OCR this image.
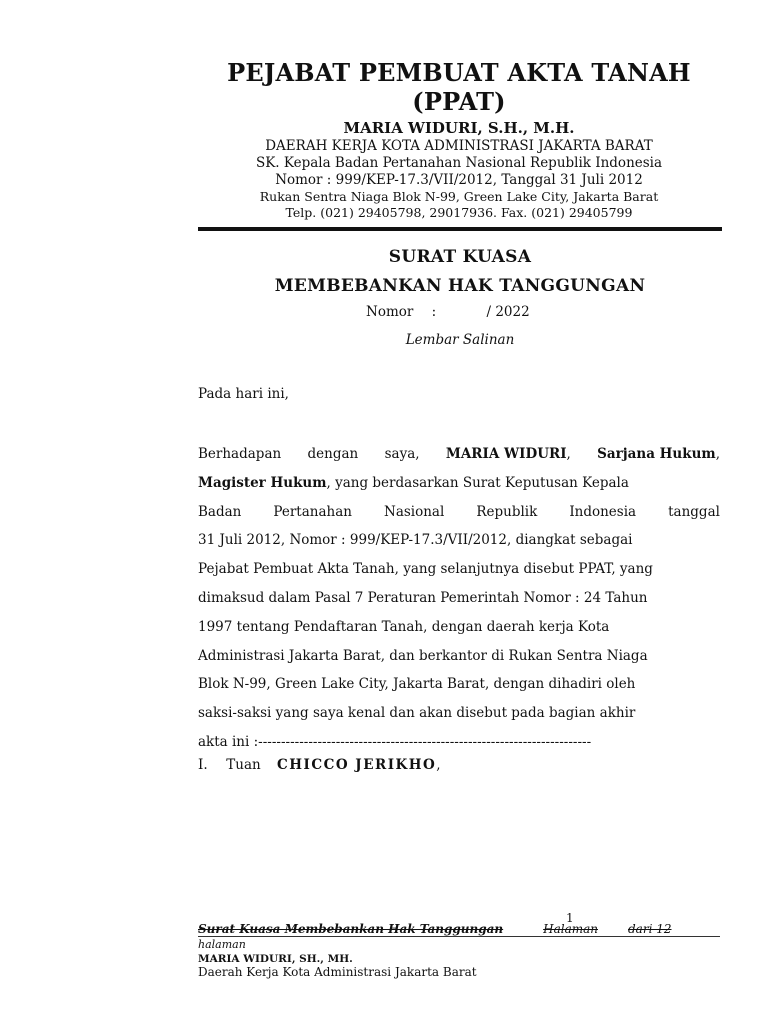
PEJABAT PEMBUAT AKTA TANAH
(PPAT)
MARIA WIDURI, S.H., M.H.
DAERAH KERJA KOTA ADMINISTRASI JAKARTA BARAT
SK. Kepala Badan Pertanahan Nasional Republik Indonesia
Nomor : 999/KEP-17.3/VII/2012, Tanggal 31 Juli 2012
Rukan Sentra Niaga Blok N-99, Green Lake City, Jakarta Barat
Telp. (021) 29405798, 29017936. Fax. (021) 29405799
SURAT KUASA
MEMBEBANKAN HAK TANGGUNGAN
Nomor :	/ 2022
Lembar Salinan
Pada hari ini,
Berhadapan dengan saya, MARIA WIDURI, Sarjana Hukum,
Magister Hukum , yang berdasarkan Surat Keputusan Kepala
Badan Pertanahan Nasional Republik Indonesia tanggal
31 Juli 2012, Nomor : 999/KEP-17.3/VII/2012, diangkat sebagai
Pejabat Pembuat Akta Tanah, yang selanjutnya disebut PPAT, yang
dimaksud dalam Pasal 7 Peraturan Pemerintah Nomor : 24 Tahun
1997 tentang Pendaftaran Tanah, dengan daerah kerja Kota
Administrasi Jakarta Barat, dan berkantor di Rukan Sentra Niaga
Blok N-99, Green Lake City, Jakarta Barat, dengan dihadiri oleh
saksi-saksi yang saya kenal dan akan disebut pada bagian akhir
akta ini :-------------------------------------------------------------------------
I. Tuan CHICCO JERIKHO,
1
Surat Kuasa Membebankan Hak Tanggungan	Halaman	dari 12
halaman
MARIA WIDURI, SH., MH.
Daerah Kerja Kota Administrasi Jakarta Barat
